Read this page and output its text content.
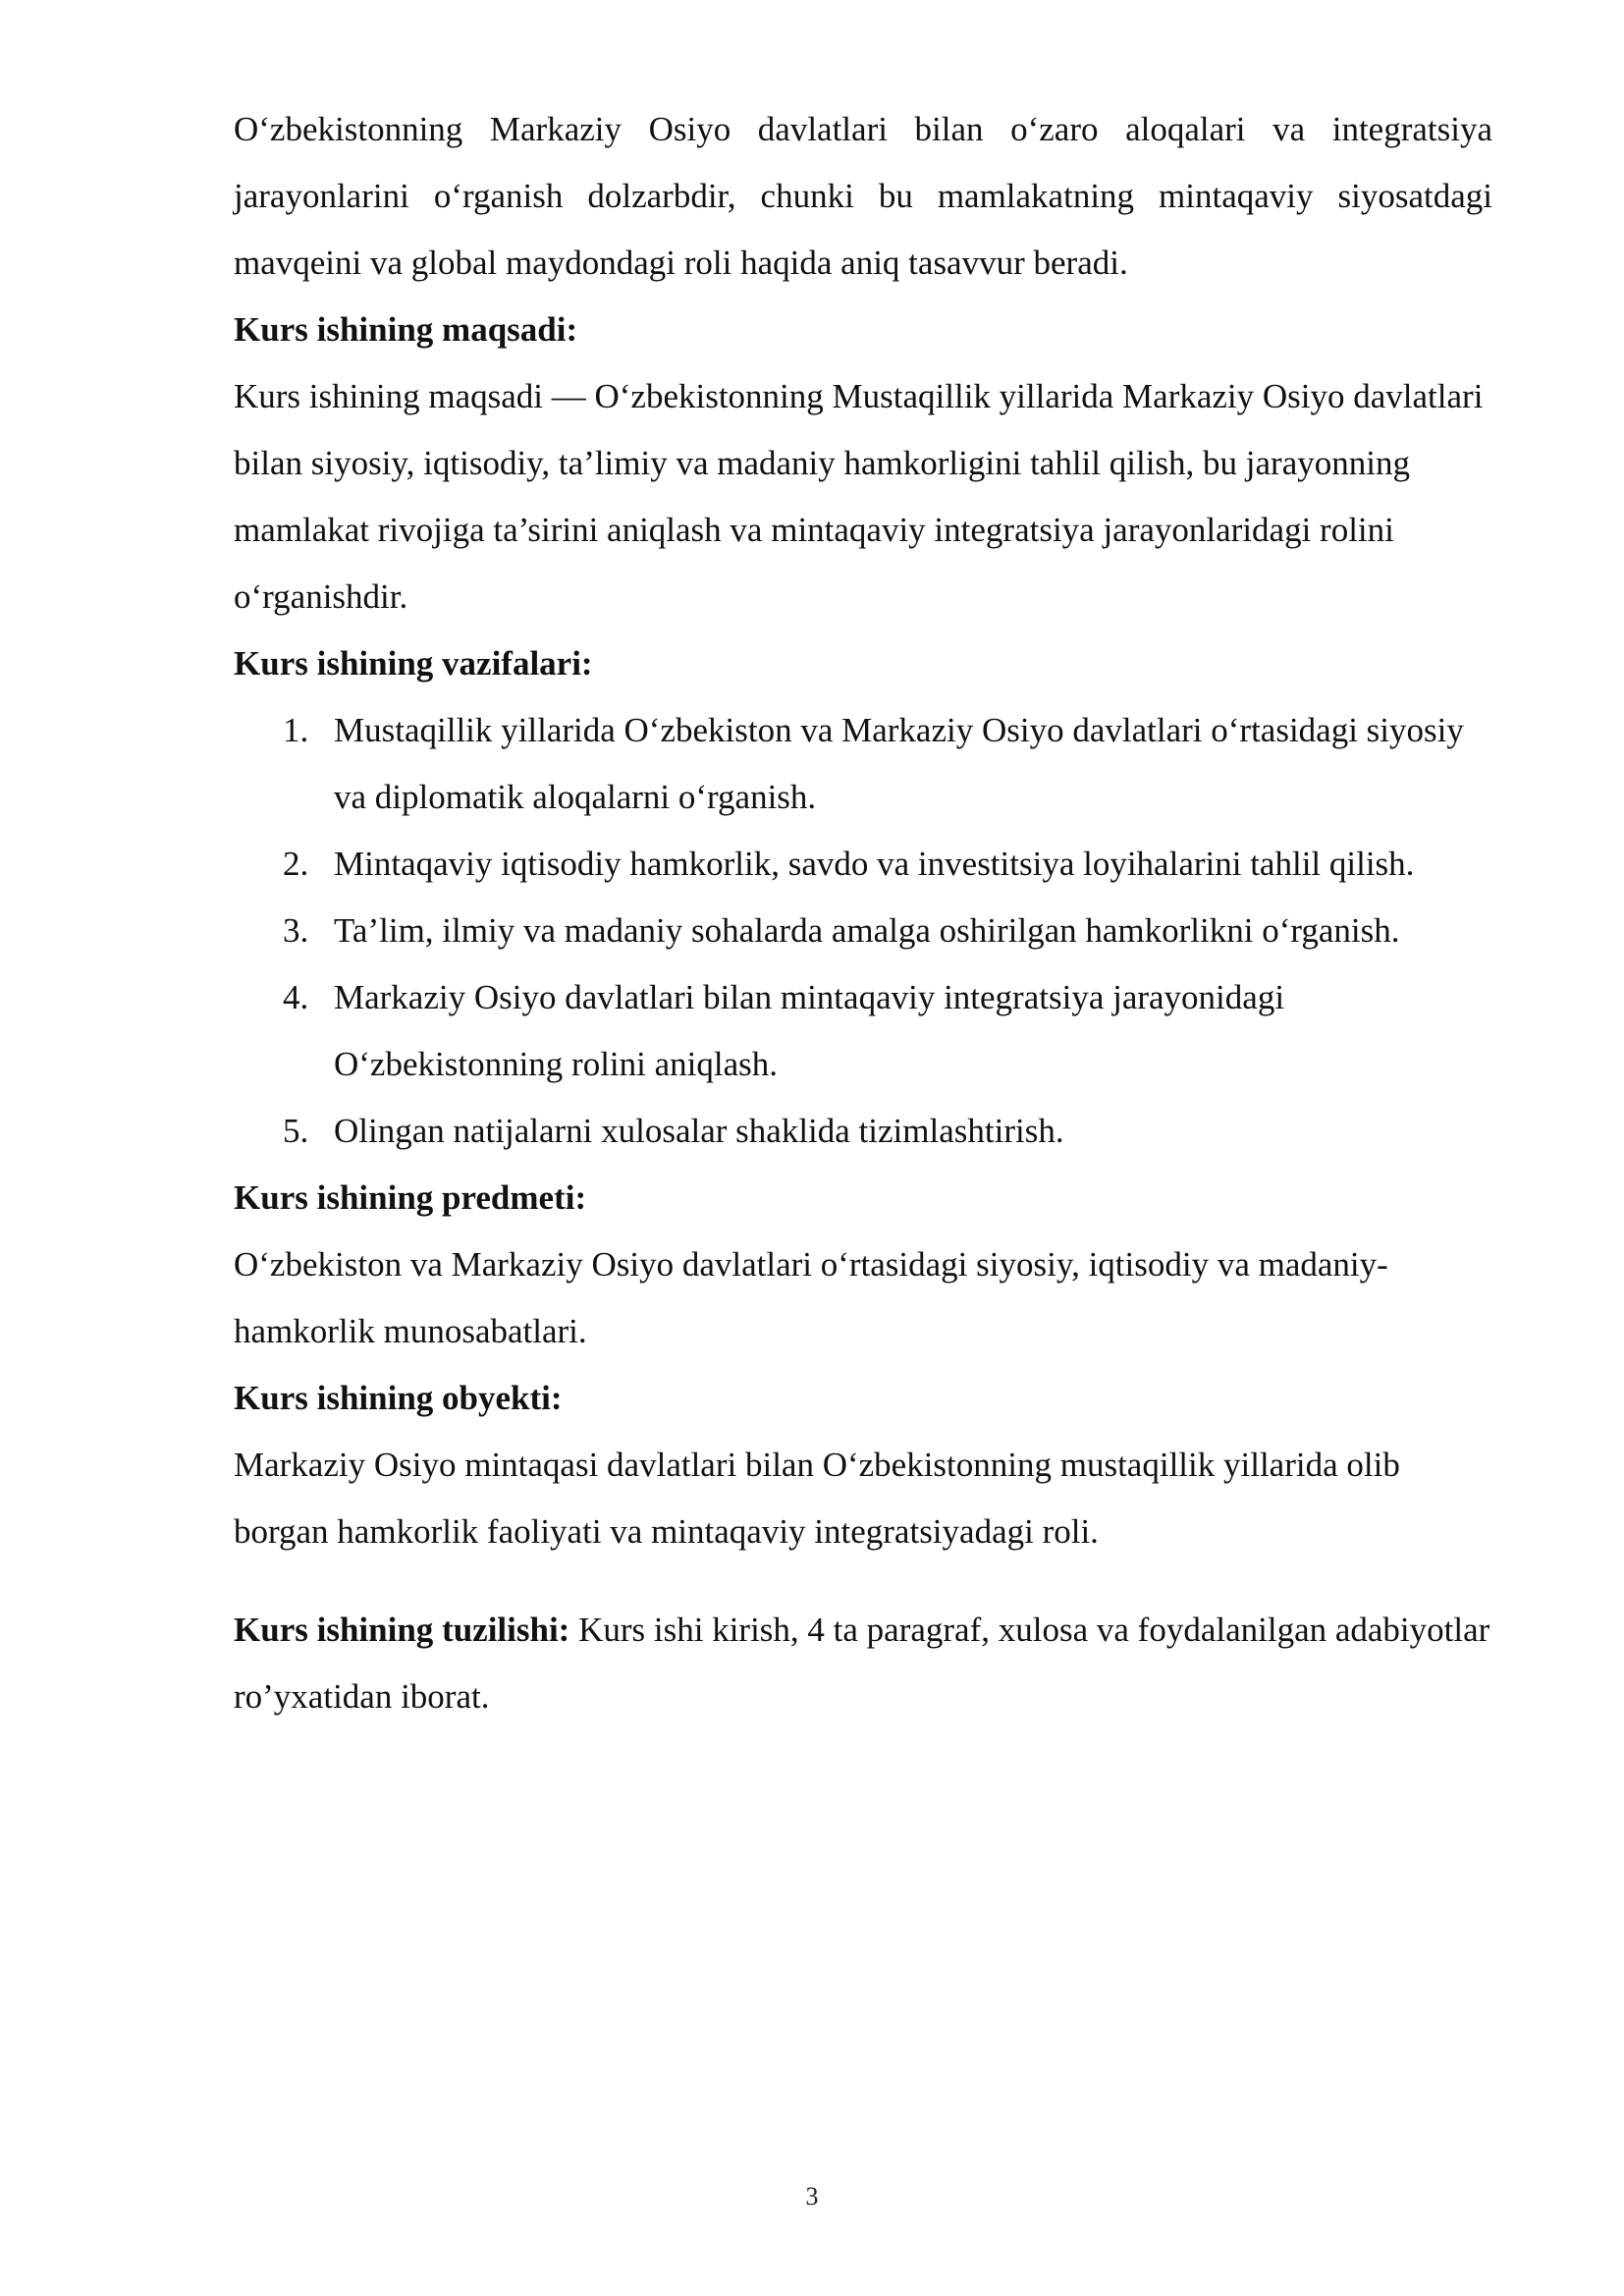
O‘zbekistonning Markaziy Osiyo davlatlari bilan o‘zaro aloqalari va integratsiya jarayonlarini o‘rganish dolzarbdir, chunki bu mamlakatning mintaqaviy siyosatdagi mavqeini va global maydondagi roli haqida aniq tasavvur beradi.

Kurs ishining maqsadi:

Kurs ishining maqsadi — O‘zbekistonning Mustaqillik yillarida Markaziy Osiyo davlatlari bilan siyosiy, iqtisodiy, ta’limiy va madaniy hamkorligini tahlil qilish, bu jarayonning mamlakat rivojiga ta’sirini aniqlash va mintaqaviy integratsiya jarayonlaridagi rolini o‘rganishdir.

Kurs ishining vazifalari:

1. Mustaqillik yillarida O‘zbekiston va Markaziy Osiyo davlatlari o‘rtasidagi siyosiy va diplomatik aloqalarni o‘rganish.
2. Mintaqaviy iqtisodiy hamkorlik, savdo va investitsiya loyihalarini tahlil qilish.
3. Ta’lim, ilmiy va madaniy sohalarda amalga oshirilgan hamkorlikni o‘rganish.
4. Markaziy Osiyo davlatlari bilan mintaqaviy integratsiya jarayonidagi O‘zbekistonning rolini aniqlash.
5. Olingan natijalarni xulosalar shaklida tizimlashtirish.

Kurs ishining predmeti:

O‘zbekiston va Markaziy Osiyo davlatlari o‘rtasidagi siyosiy, iqtisodiy va madaniy-hamkorlik munosabatlari.

Kurs ishining obyekti:

Markaziy Osiyo mintaqasi davlatlari bilan O‘zbekistonning mustaqillik yillarida olib borgan hamkorlik faoliyati va mintaqaviy integratsiyadagi roli.

Kurs ishining tuzilishi: Kurs ishi kirish, 4 ta paragraf, xulosa va foydalanilgan adabiyotlar ro’yxatidan iborat.

3
